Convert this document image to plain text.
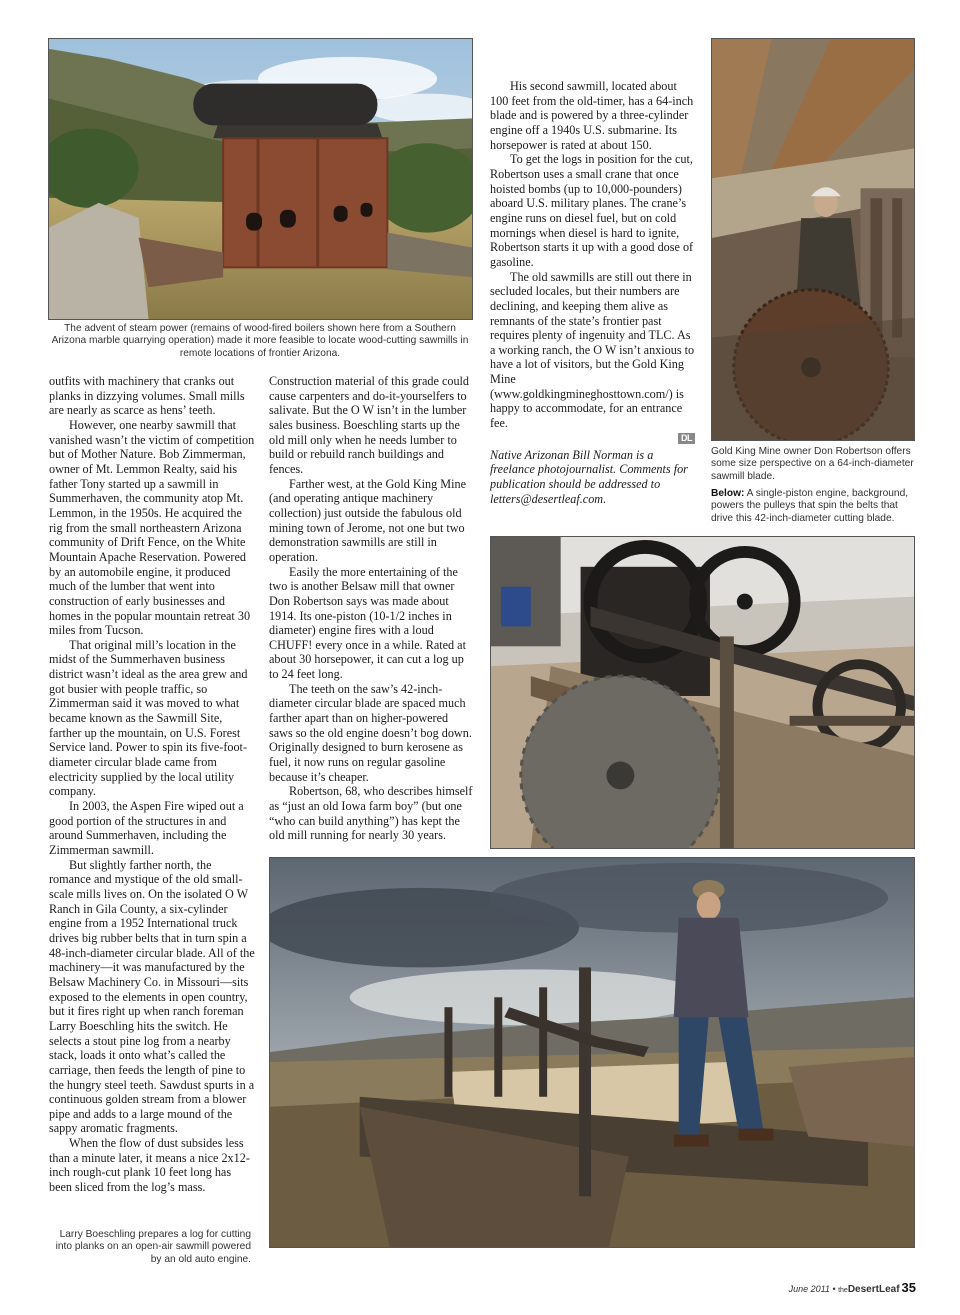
The advent of steam power (remains of wood-fired boilers shown here from a Southern Arizona marble quarrying operation) made it more feasible to locate wood-cutting sawmills in remote locations of frontier Arizona.
Gold King Mine owner Don Robertson offers some size perspective on a 64-inch-diameter sawmill blade.
Below: A single-piston engine, background, powers the pulleys that spin the belts that drive this 42-inch-diameter cutting blade.
Larry Boeschling prepares a log for cutting into planks on an open-air sawmill powered by an old auto engine.

outfits with machinery that cranks out planks in dizzying volumes. Small mills are nearly as scarce as hens’ teeth.

However, one nearby sawmill that vanished wasn’t the victim of competition but of Mother Nature. Bob Zimmerman, owner of Mt. Lemmon Realty, said his father Tony started up a sawmill in Summerhaven, the community atop Mt. Lemmon, in the 1950s. He acquired the rig from the small northeastern Arizona community of Drift Fence, on the White Mountain Apache Reservation. Powered by an automobile engine, it produced much of the lumber that went into construction of early businesses and homes in the popular mountain retreat 30 miles from Tucson.

That original mill’s location in the midst of the Summerhaven business district wasn’t ideal as the area grew and got busier with people traffic, so Zimmerman said it was moved to what became known as the Sawmill Site, farther up the mountain, on U.S. Forest Service land. Power to spin its five-foot-diameter circular blade came from electricity supplied by the local utility company.

In 2003, the Aspen Fire wiped out a good portion of the structures in and around Summerhaven, including the Zimmerman sawmill.

But slightly farther north, the romance and mystique of the old small-scale mills lives on. On the isolated O W Ranch in Gila County, a six-cylinder engine from a 1952 International truck drives big rubber belts that in turn spin a 48-inch-diameter circular blade. All of the machinery—it was manufactured by the Belsaw Machinery Co. in Missouri—sits exposed to the elements in open country, but it fires right up when ranch foreman Larry Boeschling hits the switch. He selects a stout pine log from a nearby stack, loads it onto what’s called the carriage, then feeds the length of pine to the hungry steel teeth. Sawdust spurts in a continuous golden stream from a blower pipe and adds to a large mound of the sappy aromatic fragments.

When the flow of dust subsides less than a minute later, it means a nice 2x12-inch rough-cut plank 10 feet long has been sliced from the log’s mass.

Construction material of this grade could cause carpenters and do-it-yourselfers to salivate. But the O W isn’t in the lumber sales business. Boeschling starts up the old mill only when he needs lumber to build or rebuild ranch buildings and fences.

Farther west, at the Gold King Mine (and operating antique machinery collection) just outside the fabulous old mining town of Jerome, not one but two demonstration sawmills are still in operation.

Easily the more entertaining of the two is another Belsaw mill that owner Don Robertson says was made about 1914. Its one-piston (10-1/2 inches in diameter) engine fires with a loud CHUFF! every once in a while. Rated at about 30 horsepower, it can cut a log up to 24 feet long.

The teeth on the saw’s 42-inch-diameter circular blade are spaced much farther apart than on higher-powered saws so the old engine doesn’t bog down. Originally designed to burn kerosene as fuel, it now runs on regular gasoline because it’s cheaper.

Robertson, 68, who describes himself as “just an old Iowa farm boy” (but one “who can build anything”) has kept the old mill running for nearly 30 years.

His second sawmill, located about 100 feet from the old-timer, has a 64-inch blade and is powered by a three-cylinder engine off a 1940s U.S. submarine. Its horsepower is rated at about 150.

To get the logs in position for the cut, Robertson uses a small crane that once hoisted bombs (up to 10,000-pounders) aboard U.S. military planes. The crane’s engine runs on diesel fuel, but on cold mornings when diesel is hard to ignite, Robertson starts it up with a good dose of gasoline.

The old sawmills are still out there in secluded locales, but their numbers are declining, and keeping them alive as remnants of the state’s frontier past requires plenty of ingenuity and TLC. As a working ranch, the O W isn’t anxious to have a lot of visitors, but the Gold King Mine (www.goldkingmineghosttown.com/) is happy to accommodate, for an entrance fee.

DL

Native Arizonan Bill Norman is a freelance photojournalist. Comments for publication should be addressed to letters@desertleaf.com.

June 2011 • theDesertLeaf 35
